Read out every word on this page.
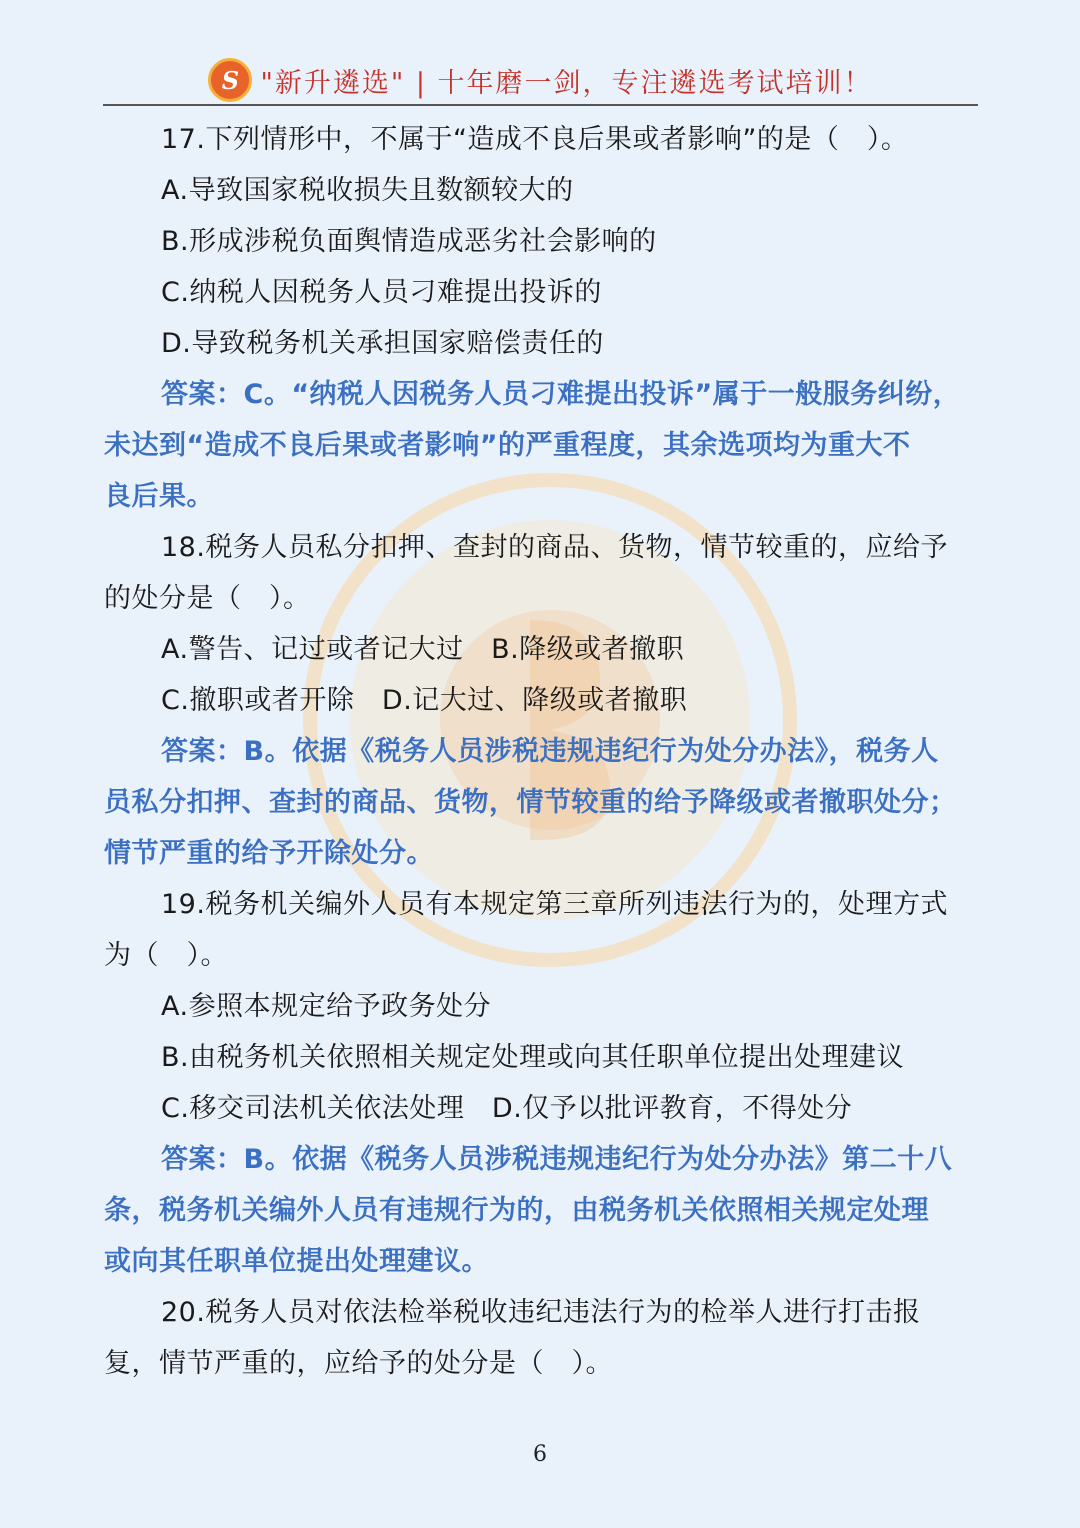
S "新升遴选" | 十年磨一剑，专注遴选考试培训！
17.下列情形中，不属于“造成不良后果或者影响”的是（　）。
A.导致国家税收损失且数额较大的
B.形成涉税负面舆情造成恶劣社会影响的
C.纳税人因税务人员刁难提出投诉的
D.导致税务机关承担国家赔偿责任的
答案：C。“纳税人因税务人员刁难提出投诉”属于一般服务纠纷，
未达到“造成不良后果或者影响”的严重程度，其余选项均为重大不
良后果。
18.税务人员私分扣押、查封的商品、货物，情节较重的，应给予
的处分是（　）。
A.警告、记过或者记大过　B.降级或者撤职
C.撤职或者开除　D.记大过、降级或者撤职
答案：B。依据《税务人员涉税违规违纪行为处分办法》，税务人
员私分扣押、查封的商品、货物，情节较重的给予降级或者撤职处分；
情节严重的给予开除处分。
19.税务机关编外人员有本规定第三章所列违法行为的，处理方式
为（　）。
A.参照本规定给予政务处分
B.由税务机关依照相关规定处理或向其任职单位提出处理建议
C.移交司法机关依法处理　D.仅予以批评教育，不得处分
答案：B。依据《税务人员涉税违规违纪行为处分办法》第二十八
条，税务机关编外人员有违规行为的，由税务机关依照相关规定处理
或向其任职单位提出处理建议。
20.税务人员对依法检举税收违纪违法行为的检举人进行打击报
复，情节严重的，应给予的处分是（　）。
6
